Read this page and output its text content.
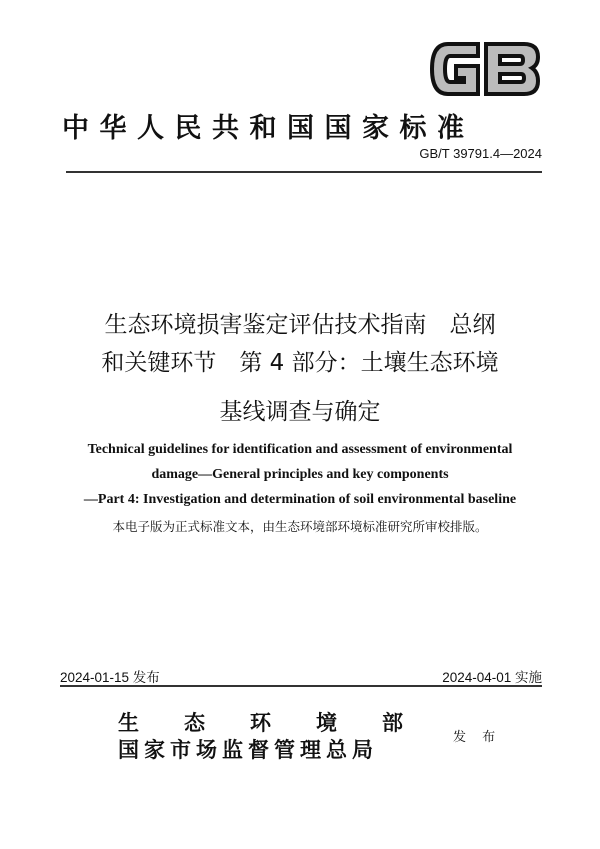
中华人民共和国国家标准
GB/T 39791.4—2024
生态环境损害鉴定评估技术指南　总纲
和关键环节　第 4 部分：土壤生态环境
基线调查与确定
Technical guidelines for identification and assessment of environmental
damage—General principles and key components
—Part 4: Investigation and determination of soil environmental baseline
本电子版为正式标准文本，由生态环境部环境标准研究所审校排版。
2024-01-15 发布	2024-04-01 实施
生　　态　　环　　境　　部
国家市场监督管理总局	发 布
